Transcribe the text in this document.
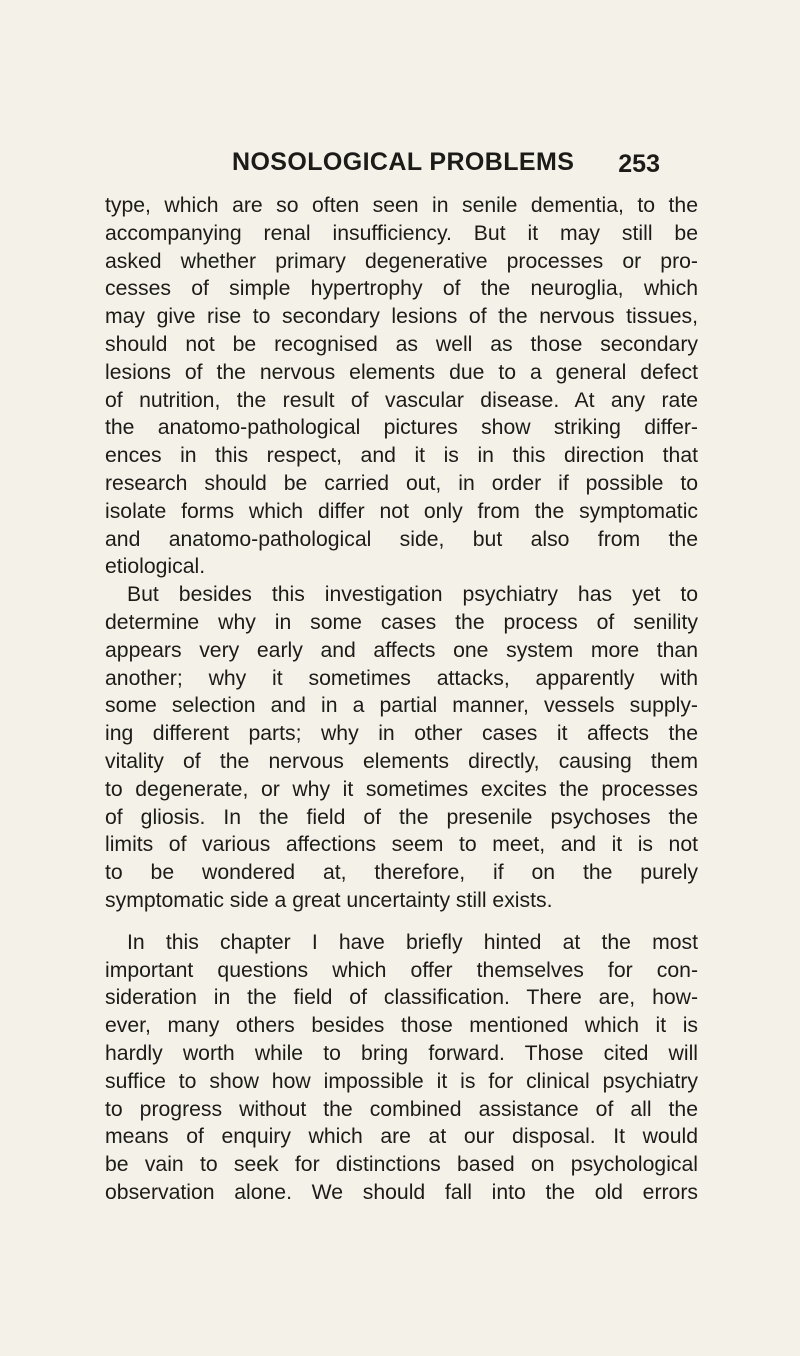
NOSOLOGICAL PROBLEMS 253
type, which are so often seen in senile dementia, to the
accompanying renal insufficiency. But it may still be
asked whether primary degenerative processes or pro-
cesses of simple hypertrophy of the neuroglia, which
may give rise to secondary lesions of the nervous tissues,
should not be recognised as well as those secondary
lesions of the nervous elements due to a general defect
of nutrition, the result of vascular disease. At any rate
the anatomo-pathological pictures show striking differ-
ences in this respect, and it is in this direction that
research should be carried out, in order if possible to
isolate forms which differ not only from the symptomatic
and anatomo-pathological side, but also from the
etiological.
But besides this investigation psychiatry has yet to
determine why in some cases the process of senility
appears very early and affects one system more than
another; why it sometimes attacks, apparently with
some selection and in a partial manner, vessels supply-
ing different parts; why in other cases it affects the
vitality of the nervous elements directly, causing them
to degenerate, or why it sometimes excites the processes
of gliosis. In the field of the presenile psychoses the
limits of various affections seem to meet, and it is not
to be wondered at, therefore, if on the purely
symptomatic side a great uncertainty still exists.
In this chapter I have briefly hinted at the most
important questions which offer themselves for con-
sideration in the field of classification. There are, how-
ever, many others besides those mentioned which it is
hardly worth while to bring forward. Those cited will
suffice to show how impossible it is for clinical psychiatry
to progress without the combined assistance of all the
means of enquiry which are at our disposal. It would
be vain to seek for distinctions based on psychological
observation alone. We should fall into the old errors
